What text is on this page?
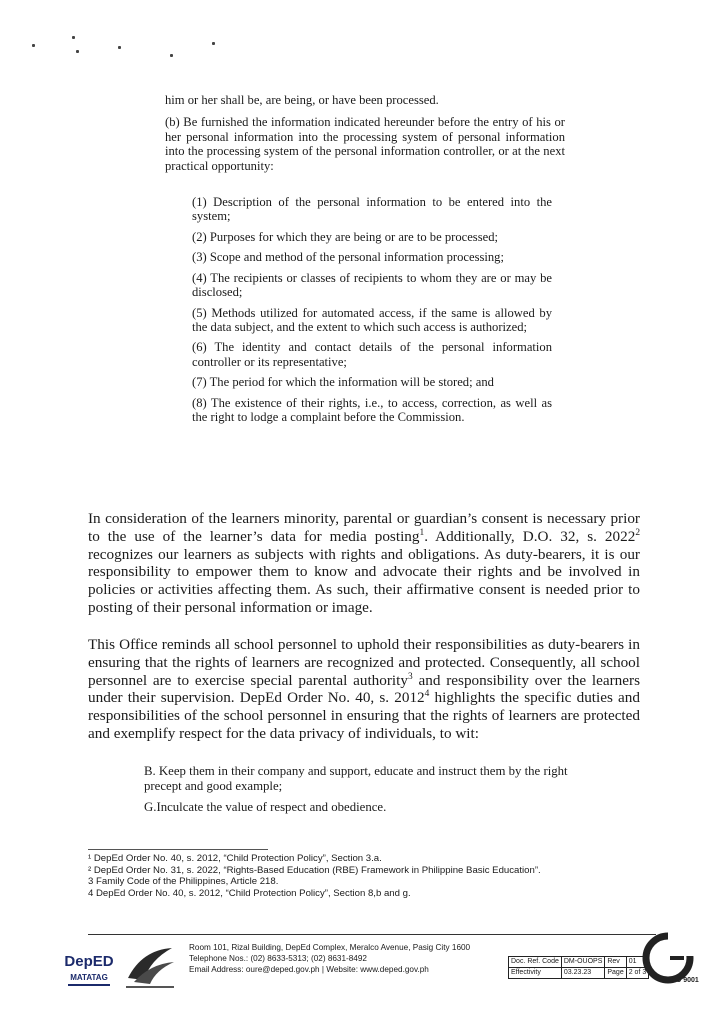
him or her shall be, are being, or have been processed.

(b) Be furnished the information indicated hereunder before the entry of his or her personal information into the processing system of personal information into the processing system of the personal information controller, or at the next practical opportunity:

(1) Description of the personal information to be entered into the system;

(2) Purposes for which they are being or are to be processed;

(3) Scope and method of the personal information processing;

(4) The recipients or classes of recipients to whom they are or may be disclosed;

(5) Methods utilized for automated access, if the same is allowed by the data subject, and the extent to which such access is authorized;

(6) The identity and contact details of the personal information controller or its representative;

(7) The period for which the information will be stored; and

(8) The existence of their rights, i.e., to access, correction, as well as the right to lodge a complaint before the Commission.

In consideration of the learners minority, parental or guardian’s consent is necessary prior to the use of the learner’s data for media posting$^1$. Additionally, D.O. 32, s. 2022$^2$ recognizes our learners as subjects with rights and obligations. As duty-bearers, it is our responsibility to empower them to know and advocate their rights and be involved in policies or activities affecting them. As such, their affirmative consent is needed prior to posting of their personal information or image.

This Office reminds all school personnel to uphold their responsibilities as duty-bearers in ensuring that the rights of learners are recognized and protected. Consequently, all school personnel are to exercise special parental authority$^3$ and responsibility over the learners under their supervision. DepEd Order No. 40, s. 2012$^4$ highlights the specific duties and responsibilities of the school personnel in ensuring that the rights of learners are protected and exemplify respect for the data privacy of individuals, to wit:

B. Keep them in their company and support, educate and instruct them by the right precept and good example;

G.Inculcate the value of respect and obedience.

¹ DepEd Order No. 40, s. 2012, “Child Protection Policy”, Section 3.a.

² DepEd Order No. 31, s. 2022, “Rights-Based Education (RBE) Framework in Philippine Basic Education”.

3 Family Code of the Philippines, Article 218.

4 DepEd Order No. 40, s. 2012, “Child Protection Policy”, Section 8,b and g.

DepED
MATATAG

Room 101, Rizal Building, DepEd Complex, Meralco Avenue, Pasig City 1600

Telephone Nos.: (02) 8633-5313; (02) 8631-8492

Email Address: oure@deped.gov.ph | Website: www.deped.gov.ph

Doc. Ref. Code	DM-OUOPS	Rev	01
Effectivity	03.23.23	Page	2 of 3
ISO 9001
